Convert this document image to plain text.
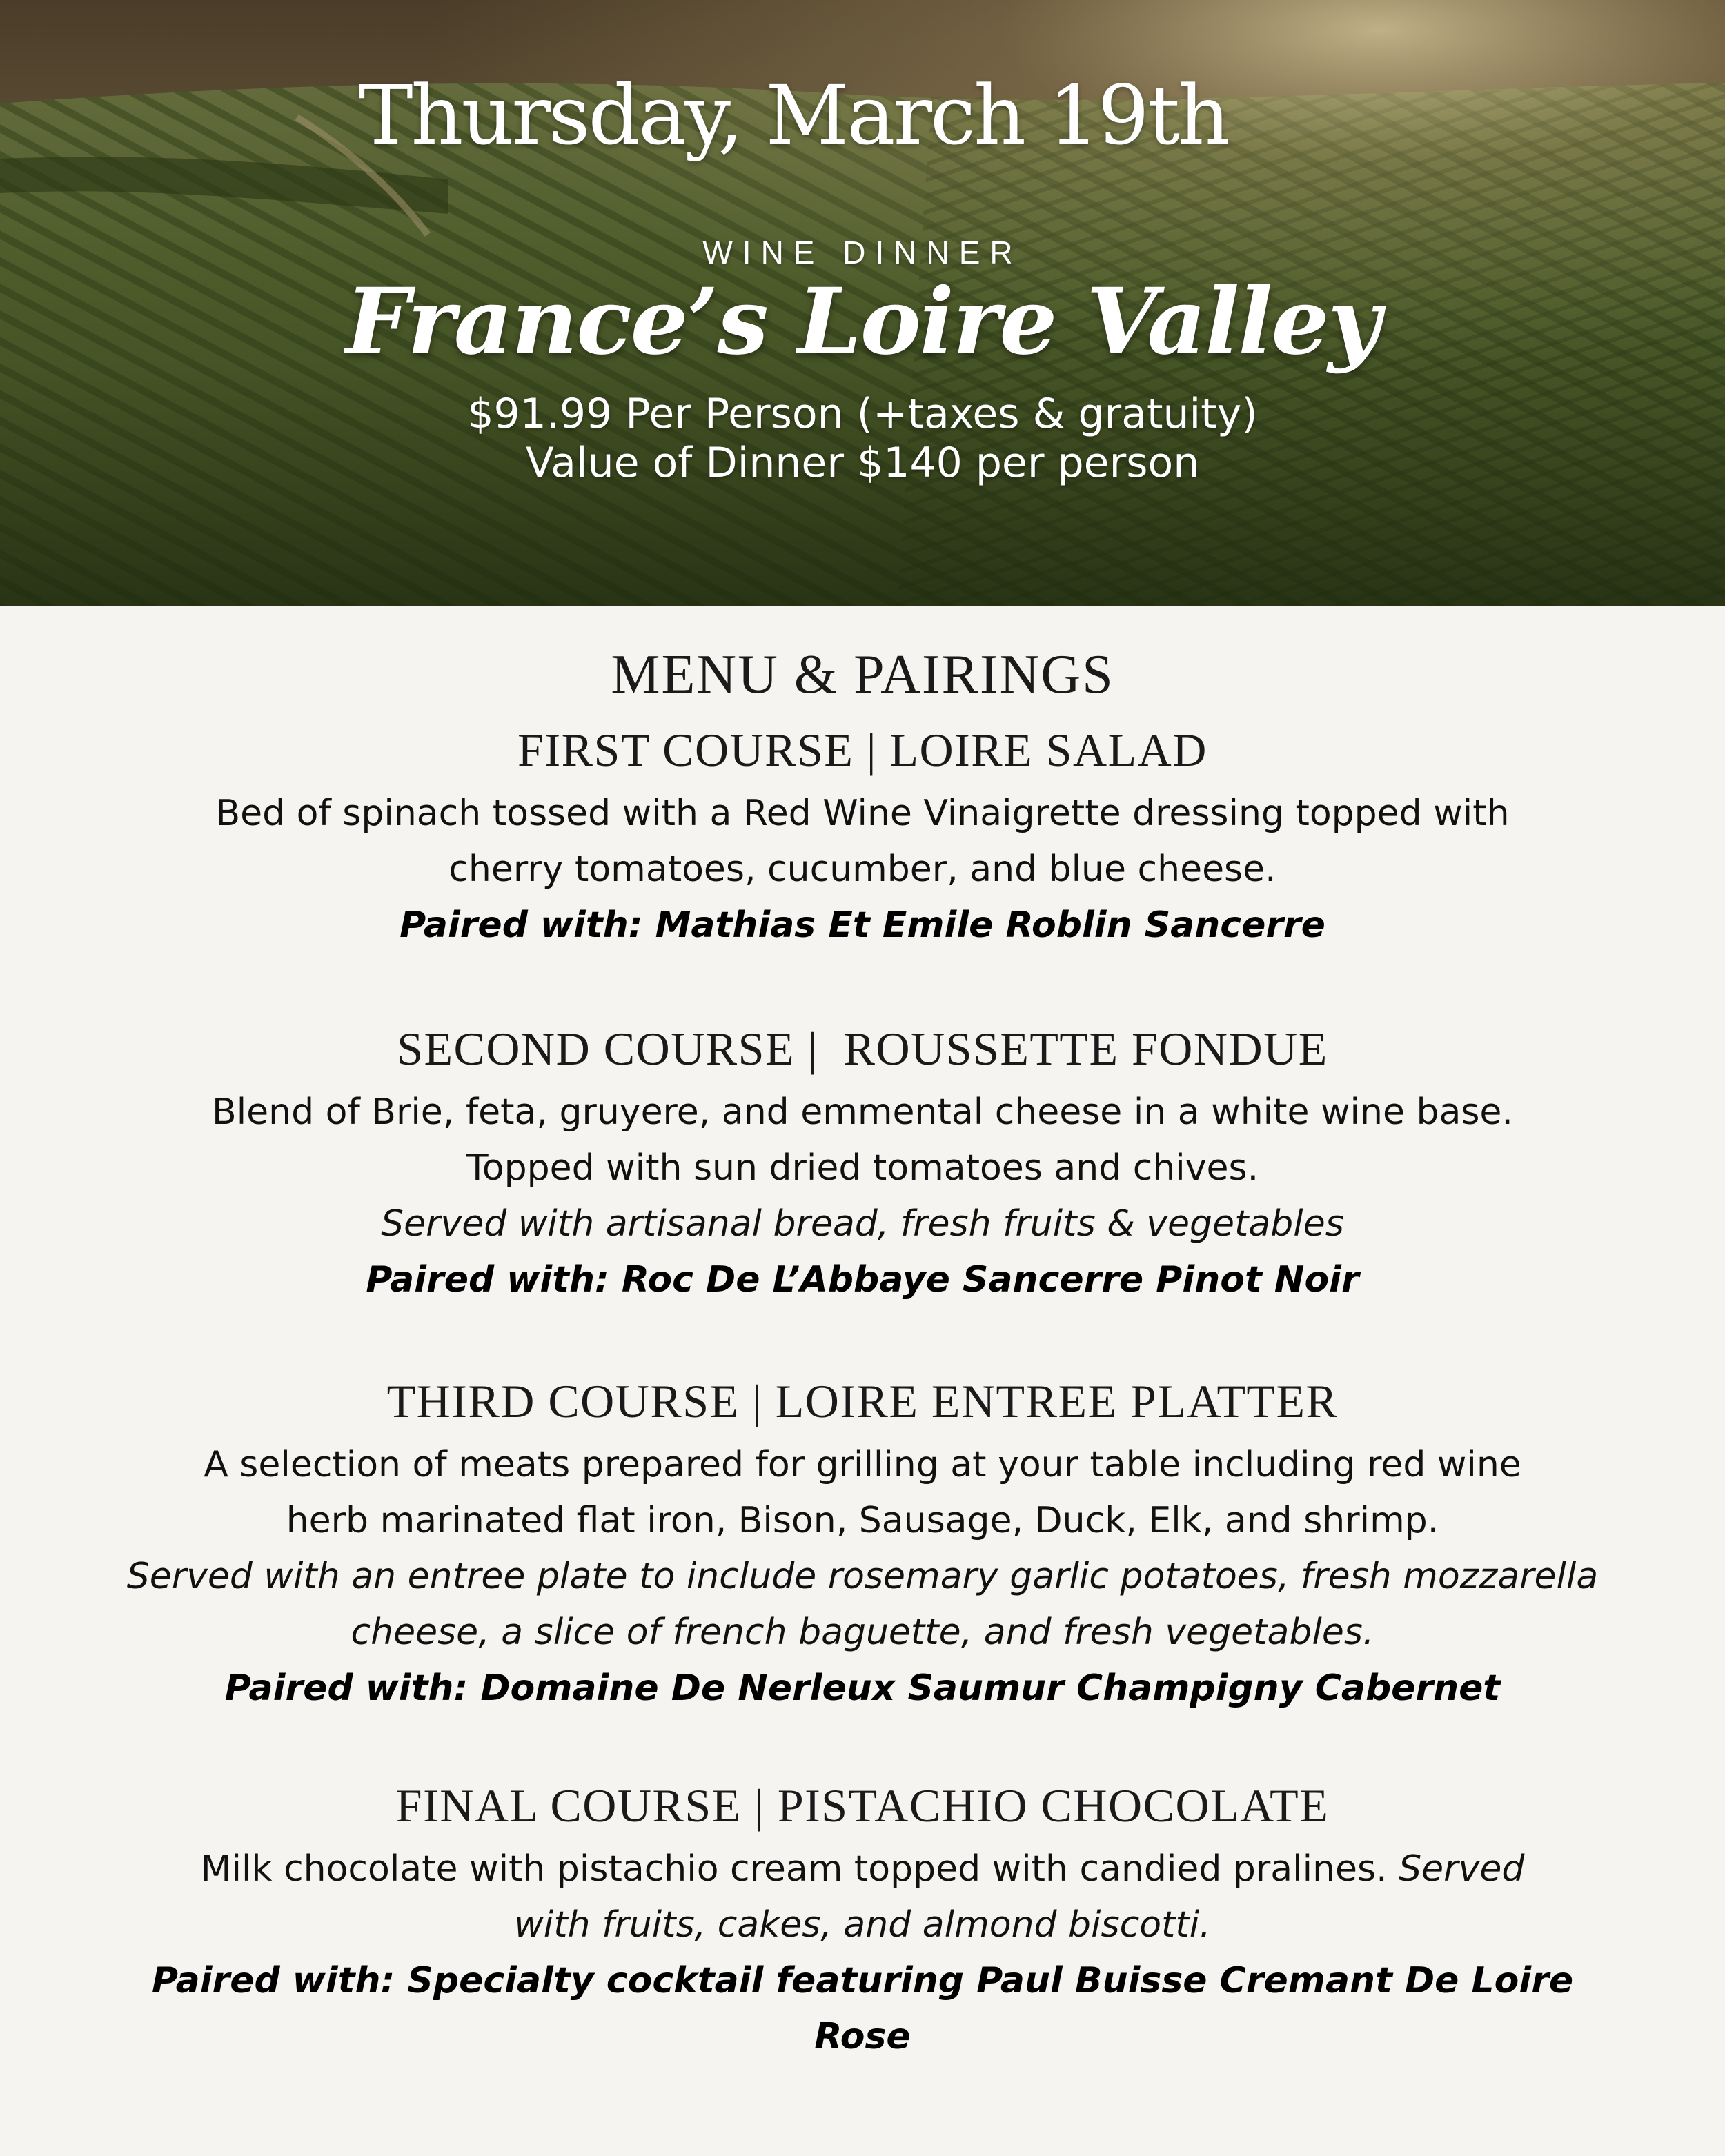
Thursday, March 19th
WINE DINNER
France’s Loire Valley
$91.99 Per Person (+taxes & gratuity)
Value of Dinner $140 per person
MENU & PAIRINGS
FIRST COURSE | LOIRE SALAD

Bed of spinach tossed with a Red Wine Vinaigrette dressing topped with

cherry tomatoes, cucumber, and blue cheese.

Paired with: Mathias Et Emile Roblin Sancerre

SECOND COURSE |  ROUSSETTE FONDUE

Blend of Brie, feta, gruyere, and emmental cheese in a white wine base.

Topped with sun dried tomatoes and chives.

Served with artisanal bread, fresh fruits & vegetables

Paired with: Roc De L’Abbaye Sancerre Pinot Noir

THIRD COURSE | LOIRE ENTREE PLATTER

A selection of meats prepared for grilling at your table including red wine

herb marinated flat iron, Bison, Sausage, Duck, Elk, and shrimp.

Served with an entree plate to include rosemary garlic potatoes, fresh mozzarella

cheese, a slice of french baguette, and fresh vegetables.

Paired with: Domaine De Nerleux Saumur Champigny Cabernet

FINAL COURSE | PISTACHIO CHOCOLATE

Milk chocolate with pistachio cream topped with candied pralines. Served

with fruits, cakes, and almond biscotti.

Paired with: Specialty cocktail featuring Paul Buisse Cremant De Loire Rose
